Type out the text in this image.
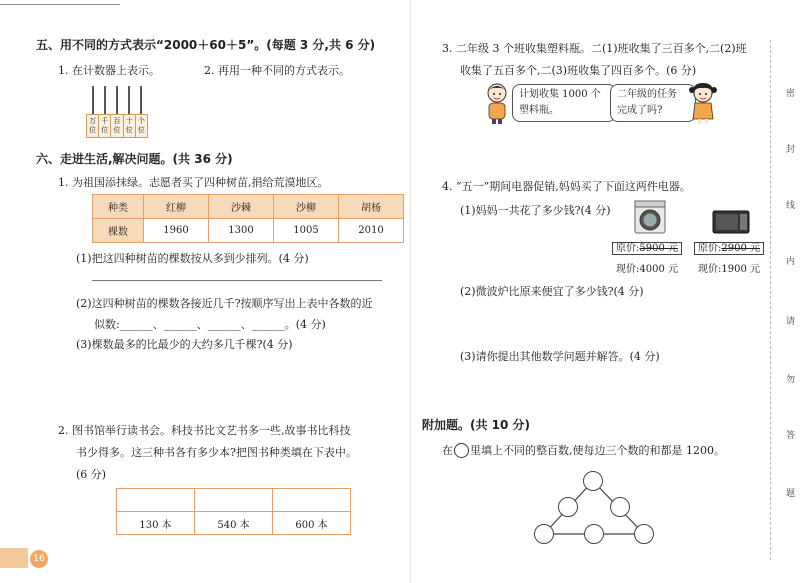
五、用不同的方式表示“2000＋60＋5”。(每题 3 分,共 6 分)
1. 在计数器上表示。	2. 再用一种不同的方式表示。
万位
千位
百位
十位
个位
六、走进生活,解决问题。(共 36 分)
1. 为祖国添抹绿。志愿者买了四种树苗,捐给荒漠地区。
种类	红柳	沙棘	沙柳	胡杨
棵数	1960	1300	1005	2010
(1)把这四种树苗的棵数按从多到少排列。(4 分)
(2)这四种树苗的棵数各接近几千?按顺序写出上表中各数的近
似数:______、______、______、______。(4 分)
(3)棵数最多的比最少的大约多几千棵?(4 分)
2. 图书馆举行读书会。科技书比文艺书多一些,故事书比科技
书少得多。这三种书各有多少本?把图书种类填在下表中。
(6 分)

130 本	540 本	600 本
16
3. 二年级 3 个班收集塑料瓶。二(1)班收集了三百多个,二(2)班
收集了五百多个,二(3)班收集了四百多个。(6 分)
计划收集 1000 个
塑料瓶。
二年级的任务
完成了吗?
4. “五一”期间电器促销,妈妈买了下面这两件电器。
(1)妈妈一共花了多少钱?(4 分)
原价:5900 元
现价:4000 元
原价:2900 元
现价:1900 元
(2)微波炉比原来便宜了多少钱?(4 分)
(3)请你提出其他数学问题并解答。(4 分)
附加题。(共 10 分)
在 里填上不同的整百数,使每边三个数的和都是 1200。
密
封
线
内
请
勿
答
题
